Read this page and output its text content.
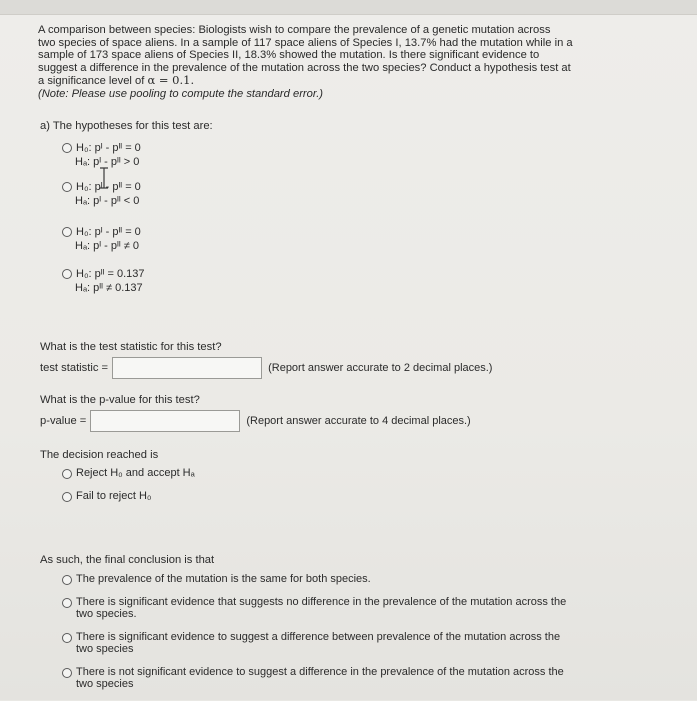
A comparison between species: Biologists wish to compare the prevalence of a genetic mutation across
two species of space aliens. In a sample of 117 space aliens of Species I, 13.7% had the mutation while in a
sample of 173 space aliens of Species II, 18.3% showed the mutation. Is there significant evidence to
suggest a difference in the prevalence of the mutation across the two species? Conduct a hypothesis test at
a significance level of α = 0.1.
(Note: Please use pooling to compute the standard error.)
a) The hypotheses for this test are:
H₀: pᴵ - pᴵᴵ = 0
Hₐ: pᴵ - pᴵᴵ > 0
H₀: pᴵ - pᴵᴵ = 0
Hₐ: pᴵ - pᴵᴵ < 0
H₀: pᴵ - pᴵᴵ = 0
Hₐ: pᴵ - pᴵᴵ ≠ 0
H₀: pᴵᴵ = 0.137
Hₐ: pᴵᴵ ≠ 0.137
What is the test statistic for this test?
test statistic =	(Report answer accurate to 2 decimal places.)
What is the p-value for this test?
p-value =	(Report answer accurate to 4 decimal places.)
The decision reached is
Reject H₀ and accept Hₐ
Fail to reject H₀
As such, the final conclusion is that
The prevalence of the mutation is the same for both species.
There is significant evidence that suggests no difference in the prevalence of the mutation across the
two species.
There is significant evidence to suggest a difference between prevalence of the mutation across the
two species
There is not significant evidence to suggest a difference in the prevalence of the mutation across the
two species
